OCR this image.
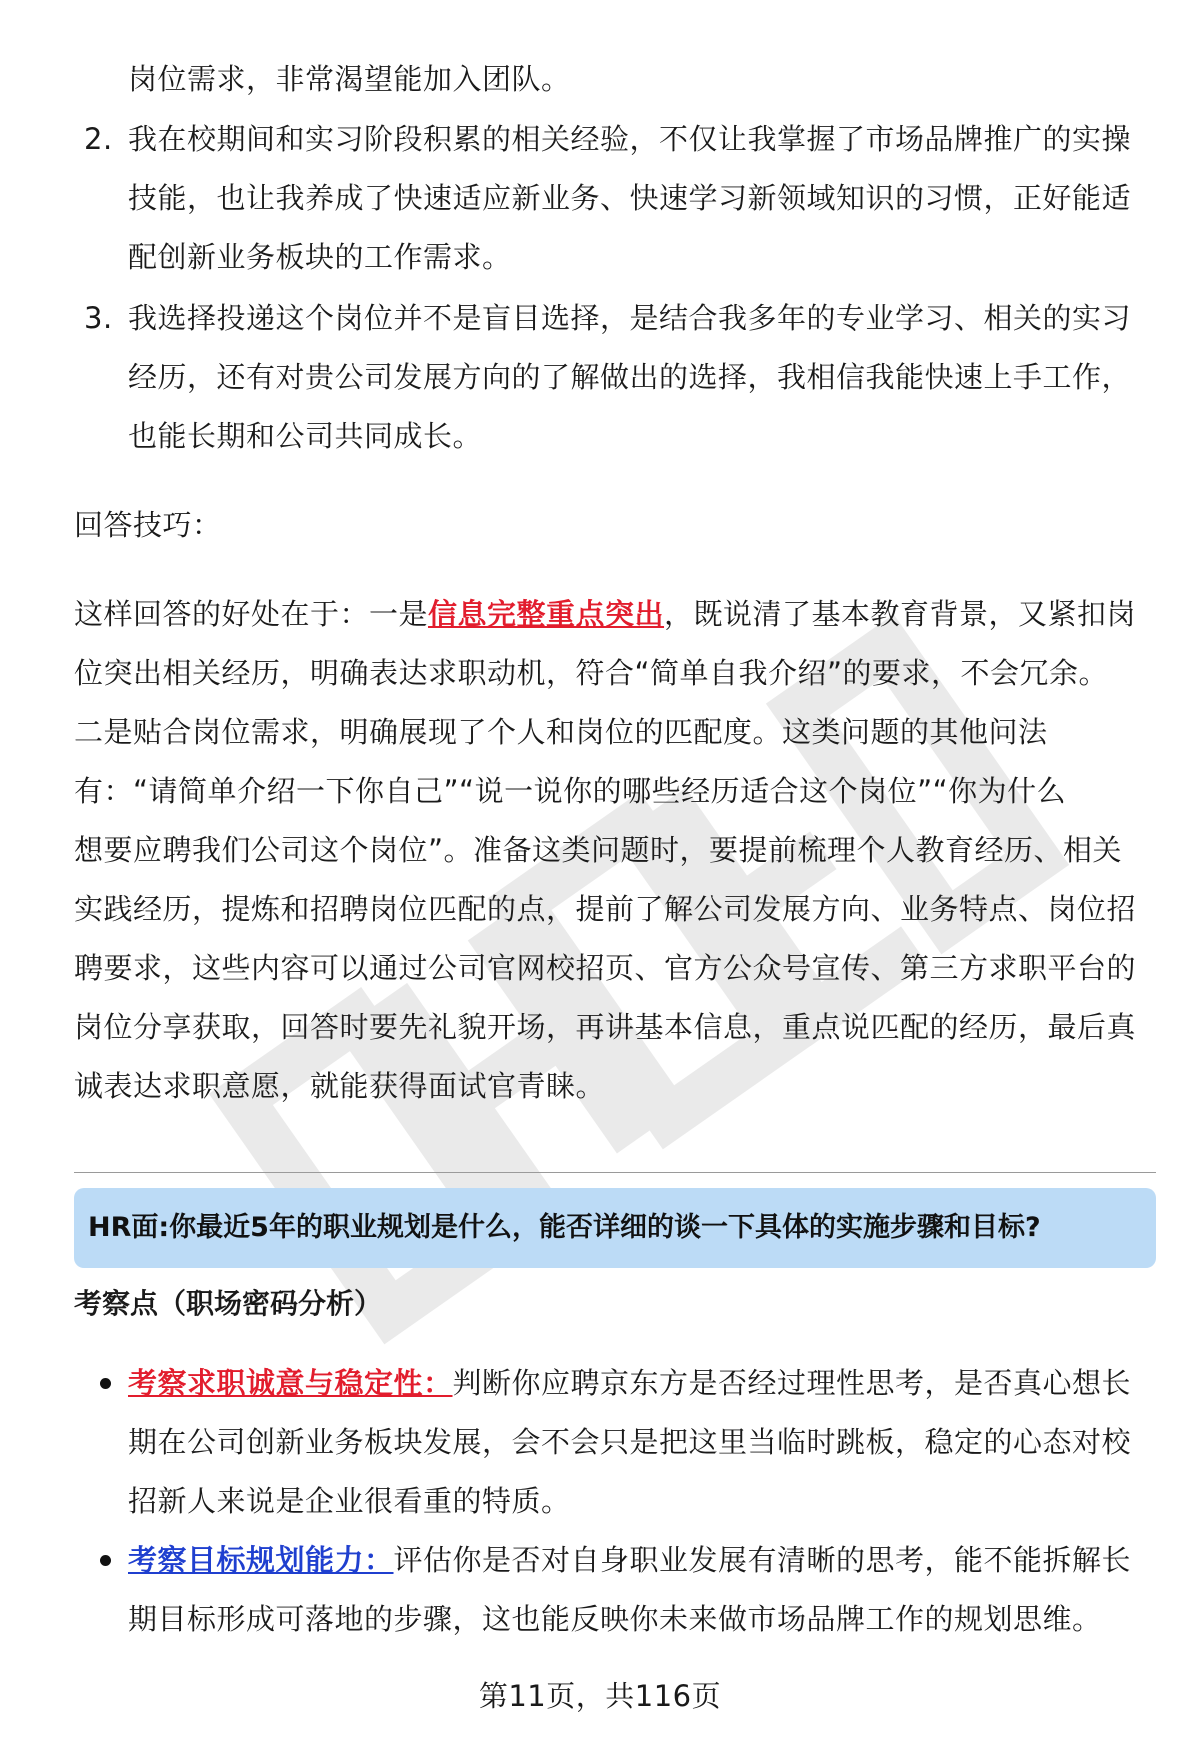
岗位需求，非常渴望能加入团队。
2. 我在校期间和实习阶段积累的相关经验，不仅让我掌握了市场品牌推广的实操
技能，也让我养成了快速适应新业务、快速学习新领域知识的习惯，正好能适
配创新业务板块的工作需求。
3. 我选择投递这个岗位并不是盲目选择，是结合我多年的专业学习、相关的实习
经历，还有对贵公司发展方向的了解做出的选择，我相信我能快速上手工作，
也能长期和公司共同成长。
回答技巧：
这样回答的好处在于：一是信息完整重点突出，既说清了基本教育背景，又紧扣岗
位突出相关经历，明确表达求职动机，符合“简单自我介绍”的要求，不会冗余。
二是贴合岗位需求，明确展现了个人和岗位的匹配度。这类问题的其他问法
有：“请简单介绍一下你自己”“说一说你的哪些经历适合这个岗位”“你为什么
想要应聘我们公司这个岗位”。准备这类问题时，要提前梳理个人教育经历、相关
实践经历，提炼和招聘岗位匹配的点，提前了解公司发展方向、业务特点、岗位招
聘要求，这些内容可以通过公司官网校招页、官方公众号宣传、第三方求职平台的
岗位分享获取，回答时要先礼貌开场，再讲基本信息，重点说匹配的经历，最后真
诚表达求职意愿，就能获得面试官青睐。
HR面:你最近5年的职业规划是什么，能否详细的谈一下具体的实施步骤和目标?
考察点（职场密码分析）
考察求职诚意与稳定性：判断你应聘京东方是否经过理性思考，是否真心想长
期在公司创新业务板块发展，会不会只是把这里当临时跳板，稳定的心态对校
招新人来说是企业很看重的特质。
考察目标规划能力：评估你是否对自身职业发展有清晰的思考，能不能拆解长
期目标形成可落地的步骤，这也能反映你未来做市场品牌工作的规划思维。
第11页，共116页
